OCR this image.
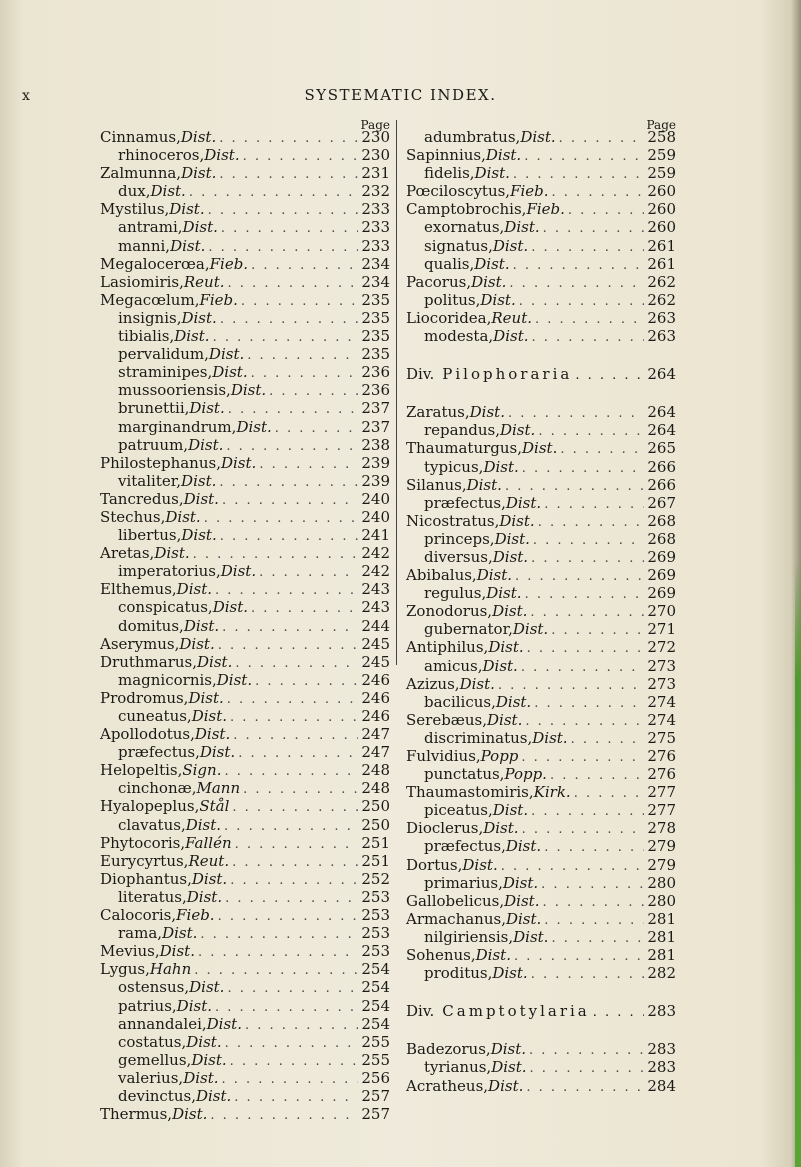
x	SYSTEMATIC INDEX.
Page
Cinnamus, Dist. . . .	230
rhinoceros, Dist. . . .	230
Zalmunna, Dist. . . .	231
dux, Dist. . . .	232
Mystilus, Dist. . . .	233
antrami, Dist. . . .	233
manni, Dist. . . .	233
Megalocerœa, Fieb. . . .	234
Lasiomiris, Reut. . . .	234
Megacœlum, Fieb. . . .	235
insignis, Dist. . . .	235
tibialis, Dist. . . .	235
pervalidum, Dist. . . .	235
straminipes, Dist. . . .	236
mussooriensis, Dist. . . .	236
brunettii, Dist. . . .	237
marginandrum, Dist. . . .	237
patruum, Dist. . . .	238
Philostephanus, Dist. . . .	239
vitaliter, Dist. . . .	239
Tancredus, Dist. . . .	240
Stechus, Dist. . . .	240
libertus, Dist. . . .	241
Aretas, Dist. . . .	242
imperatorius, Dist. . . .	242
Elthemus, Dist. . . .	243
conspicatus, Dist. . . .	243
domitus, Dist. . . .	244
Aserymus, Dist. . . .	245
Druthmarus, Dist. . . .	245
magnicornis, Dist. . . .	246
Prodromus, Dist. . . .	246
cuneatus, Dist. . . .	246
Apollodotus, Dist. . . .	247
præfectus, Dist. . . .	247
Helopeltis, Sign. . . .	248
cinchonæ, Mann . . .	248
Hyalopeplus, Stål . . .	250
clavatus, Dist. . . .	250
Phytocoris, Fallén . . .	251
Eurycyrtus, Reut. . . .	251
Diophantus, Dist. . . .	252
literatus, Dist. . . .	253
Calocoris, Fieb. . . .	253
rama, Dist. . . .	253
Mevius, Dist. . . .	253
Lygus, Hahn . . .	254
ostensus, Dist. . . .	254
patrius, Dist. . . .	254
annandalei, Dist. . . .	254
costatus, Dist. . . .	255
gemellus, Dist. . . .	255
valerius, Dist. . . .	256
devinctus, Dist. . . .	257
Thermus, Dist. . . .	257
Page
adumbratus, Dist. . . .	258
Sapinnius, Dist. . . .	259
fidelis, Dist. . . .	259
Pœciloscytus, Fieb. . . .	260
Camptobrochis, Fieb. . . .	260
exornatus, Dist. . . .	260
signatus, Dist. . . .	261
qualis, Dist. . . .	261
Pacorus, Dist. . . .	262
politus, Dist. . . .	262
Liocoridea, Reut. . . .	263
modesta, Dist. . . .	263
Div. Pilophoraria . . .	264
Zaratus, Dist. . . .	264
repandus, Dist. . . .	264
Thaumaturgus, Dist. . . .	265
typicus, Dist. . . .	266
Silanus, Dist. . . .	266
præfectus, Dist. . . .	267
Nicostratus, Dist. . . .	268
princeps, Dist. . . .	268
diversus, Dist. . . .	269
Abibalus, Dist. . . .	269
regulus, Dist. . . .	269
Zonodorus, Dist. . . .	270
gubernator, Dist. . . .	271
Antiphilus, Dist. . . .	272
amicus, Dist. . . .	273
Azizus, Dist. . . .	273
bacilicus, Dist. . . .	274
Serebæus, Dist. . . .	274
discriminatus, Dist. . . .	275
Fulvidius, Popp . . .	276
punctatus, Popp. . . .	276
Thaumastomiris, Kirk. . . .	277
piceatus, Dist. . . .	277
Dioclerus, Dist. . . .	278
præfectus, Dist. . . .	279
Dortus, Dist. . . .	279
primarius, Dist. . . .	280
Gallobelicus, Dist. . . .	280
Armachanus, Dist. . . .	281
nilgiriensis, Dist. . . .	281
Sohenus, Dist. . . .	281
proditus, Dist. . . .	282
Div. Camptotylaria . . .	283
Badezorus, Dist. . . .	283
tyrianus, Dist. . . .	283
Acratheus, Dist. . . .	284
